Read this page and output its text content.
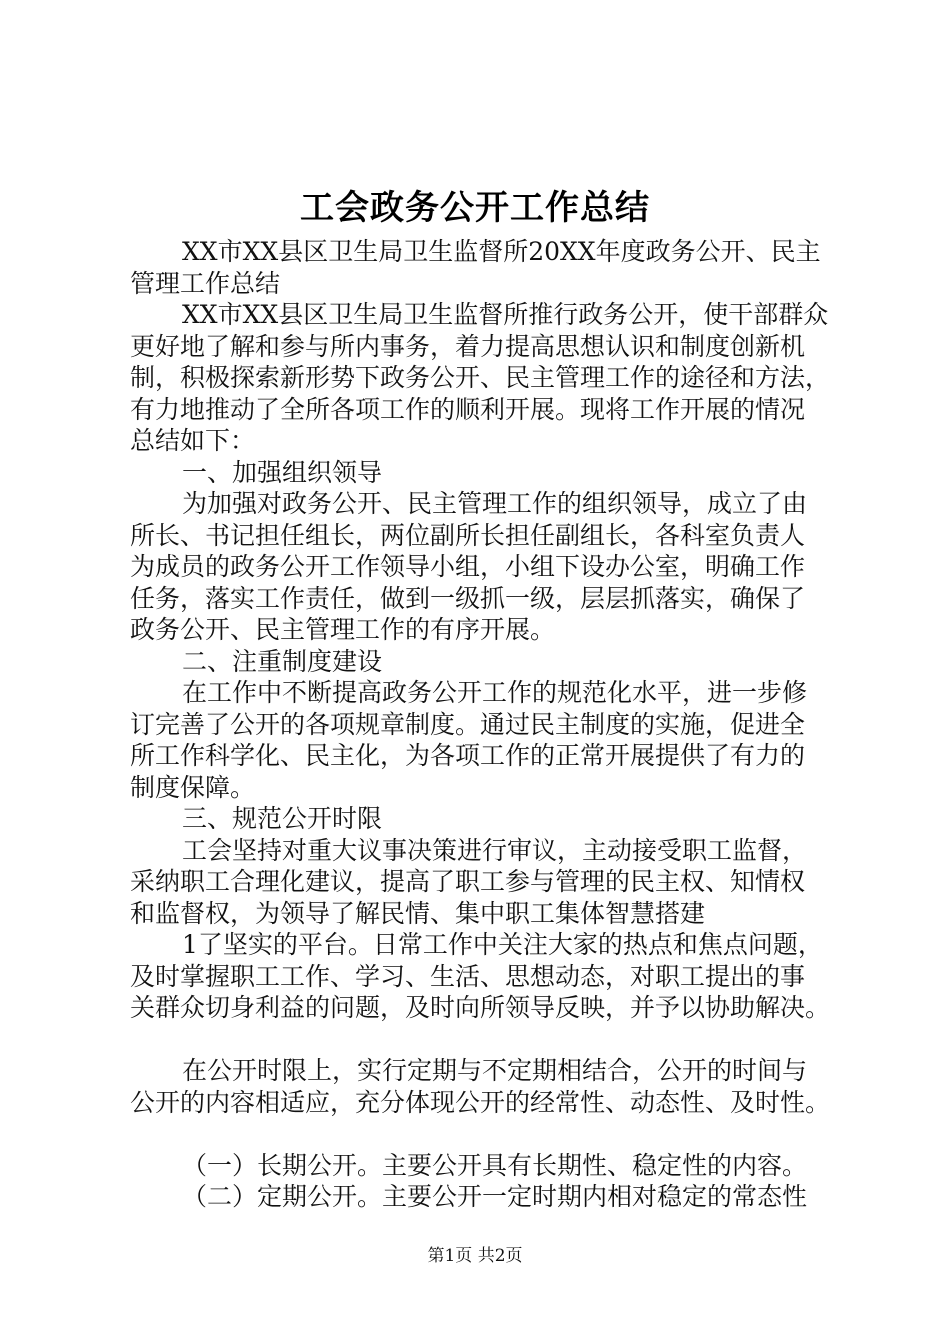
工会政务公开工作总结
XX市XX县区卫生局卫生监督所20XX年度政务公开、民主
管理工作总结
XX市XX县区卫生局卫生监督所推行政务公开，使干部群众
更好地了解和参与所内事务，着力提高思想认识和制度创新机
制，积极探索新形势下政务公开、民主管理工作的途径和方法，
有力地推动了全所各项工作的顺利开展。现将工作开展的情况
总结如下：
一、加强组织领导
为加强对政务公开、民主管理工作的组织领导，成立了由
所长、书记担任组长，两位副所长担任副组长，各科室负责人
为成员的政务公开工作领导小组，小组下设办公室，明确工作
任务，落实工作责任，做到一级抓一级，层层抓落实，确保了
政务公开、民主管理工作的有序开展。
二、注重制度建设
在工作中不断提高政务公开工作的规范化水平，进一步修
订完善了公开的各项规章制度。通过民主制度的实施，促进全
所工作科学化、民主化，为各项工作的正常开展提供了有力的
制度保障。
三、规范公开时限
工会坚持对重大议事决策进行审议，主动接受职工监督，
采纳职工合理化建议，提高了职工参与管理的民主权、知情权
和监督权，为领导了解民情、集中职工集体智慧搭建
1了坚实的平台。日常工作中关注大家的热点和焦点问题，
及时掌握职工工作、学习、生活、思想动态，对职工提出的事
关群众切身利益的问题，及时向所领导反映，并予以协助解决。
在公开时限上，实行定期与不定期相结合，公开的时间与
公开的内容相适应，充分体现公开的经常性、动态性、及时性。
（一）长期公开。主要公开具有长期性、稳定性的内容。
（二）定期公开。主要公开一定时期内相对稳定的常态性
第1页 共2页
